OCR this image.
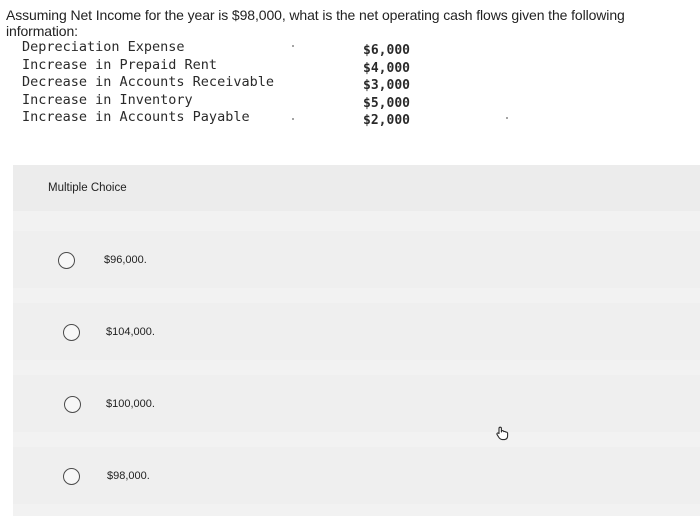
Assuming Net Income for the year is $98,000, what is the net operating cash flows given the following information:
Depreciation Expense
Increase in Prepaid Rent
Decrease in Accounts Receivable
Increase in Inventory
Increase in Accounts Payable
$6,000
$4,000
$3,000
$5,000
$2,000
Multiple Choice
$96,000.
$104,000.
$100,000.
$98,000.
